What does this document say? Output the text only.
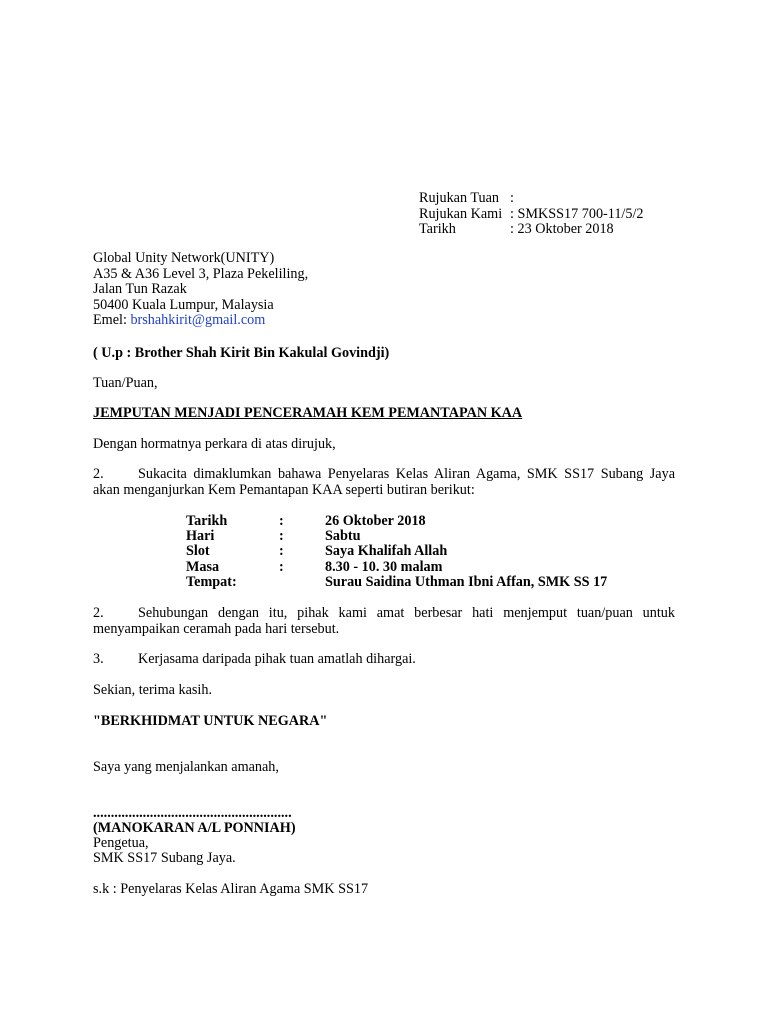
Rujukan Tuan :
Rujukan Kami : SMKSS17 700-11/5/2
Tarikh	: 23 Oktober 2018
Global Unity Network(UNITY)
A35 & A36 Level 3, Plaza Pekeliling,
Jalan Tun Razak
50400 Kuala Lumpur, Malaysia
Emel: brshahkirit@gmail.com
( U.p : Brother Shah Kirit Bin Kakulal Govindji)
Tuan/Puan,
JEMPUTAN MENJADI PENCERAMAH KEM PEMANTAPAN KAA
Dengan hormatnya perkara di atas dirujuk,
2. Sukacita dimaklumkan bahawa Penyelaras Kelas Aliran Agama, SMK SS17 Subang Jaya akan menganjurkan Kem Pemantapan KAA seperti butiran berikut:
Tarikh	:	26 Oktober 2018
Hari	:	Sabtu
Slot	:	Saya Khalifah Allah
Masa	:	8.30 - 10. 30 malam
Tempat:	Surau Saidina Uthman Ibni Affan, SMK SS 17
2. Sehubungan dengan itu, pihak kami amat berbesar hati menjemput tuan/puan untuk menyampaikan ceramah pada hari tersebut.
3. Kerjasama daripada pihak tuan amatlah dihargai.
Sekian, terima kasih.
"BERKHIDMAT UNTUK NEGARA"
Saya yang menjalankan amanah,
........................................................
(MANOKARAN A/L PONNIAH)
Pengetua,
SMK SS17 Subang Jaya.
s.k : Penyelaras Kelas Aliran Agama SMK SS17
